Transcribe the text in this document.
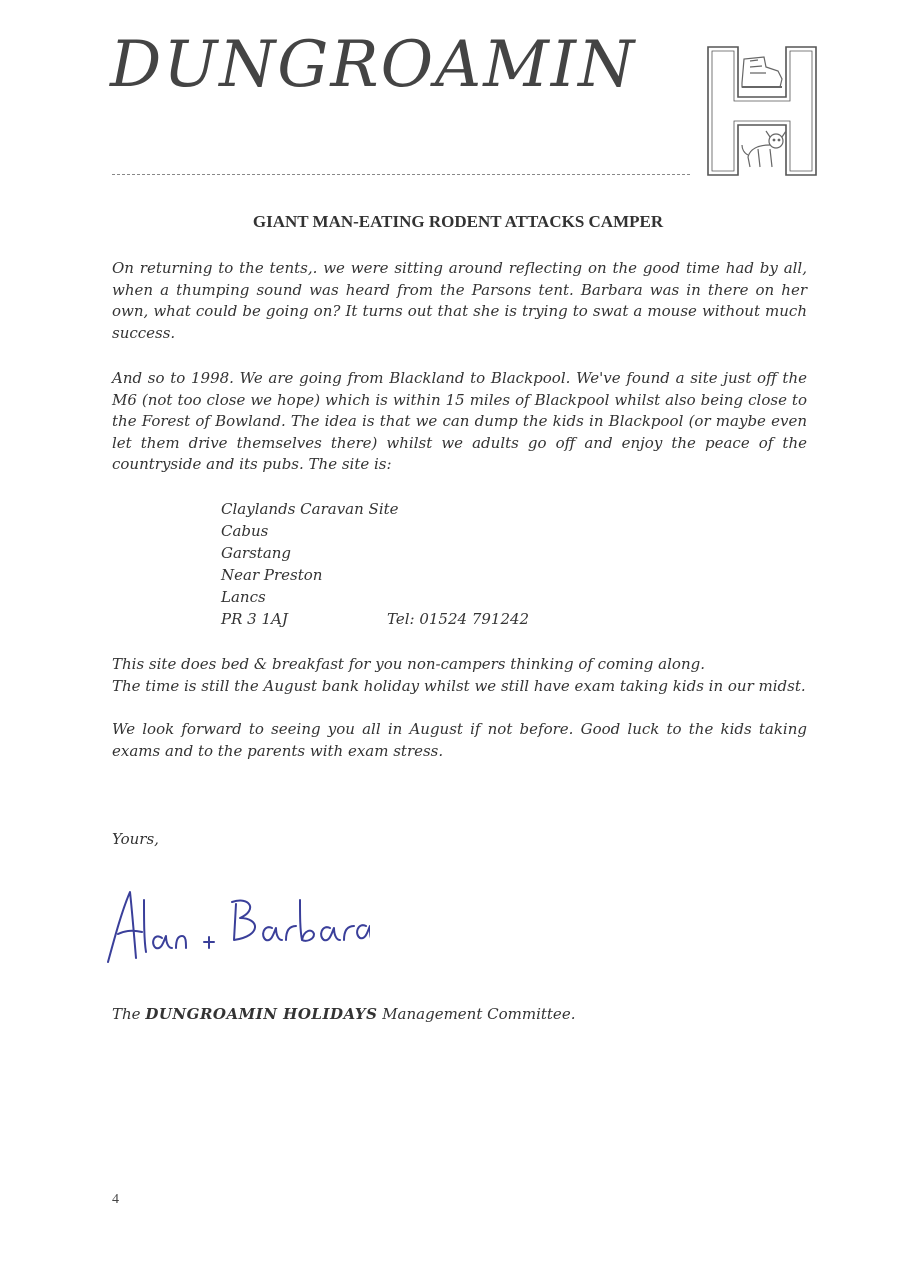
DUNGROAMIN
GIANT MAN-EATING RODENT ATTACKS CAMPER

On returning to the tents,. we were sitting around reflecting on the good time had by all, when a thumping sound was heard from the Parsons tent. Barbara was in there on her own, what could be going on? It turns out that she is trying to swat a mouse without much success.

And so to 1998. We are going from Blackland to Blackpool. We've found a site just off the M6 (not too close we hope) which is within 15 miles of Blackpool whilst also being close to the Forest of Bowland. The idea is that we can dump the kids in Blackpool (or maybe even let them drive themselves there) whilst we adults go off and enjoy the peace of the countryside and its pubs. The site is:

Claylands Caravan Site
Cabus
Garstang
Near Preston
Lancs
PR 3 1AJ	Tel: 01524 791242

This site does bed & breakfast for you non-campers thinking of coming along.

The time is still the August bank holiday whilst we still have exam taking kids in our midst.

We look forward to seeing you all in August if not before. Good luck to the kids taking exams and to the parents with exam stress.

Yours,
The DUNGROAMIN HOLIDAYS Management Committee.
4
